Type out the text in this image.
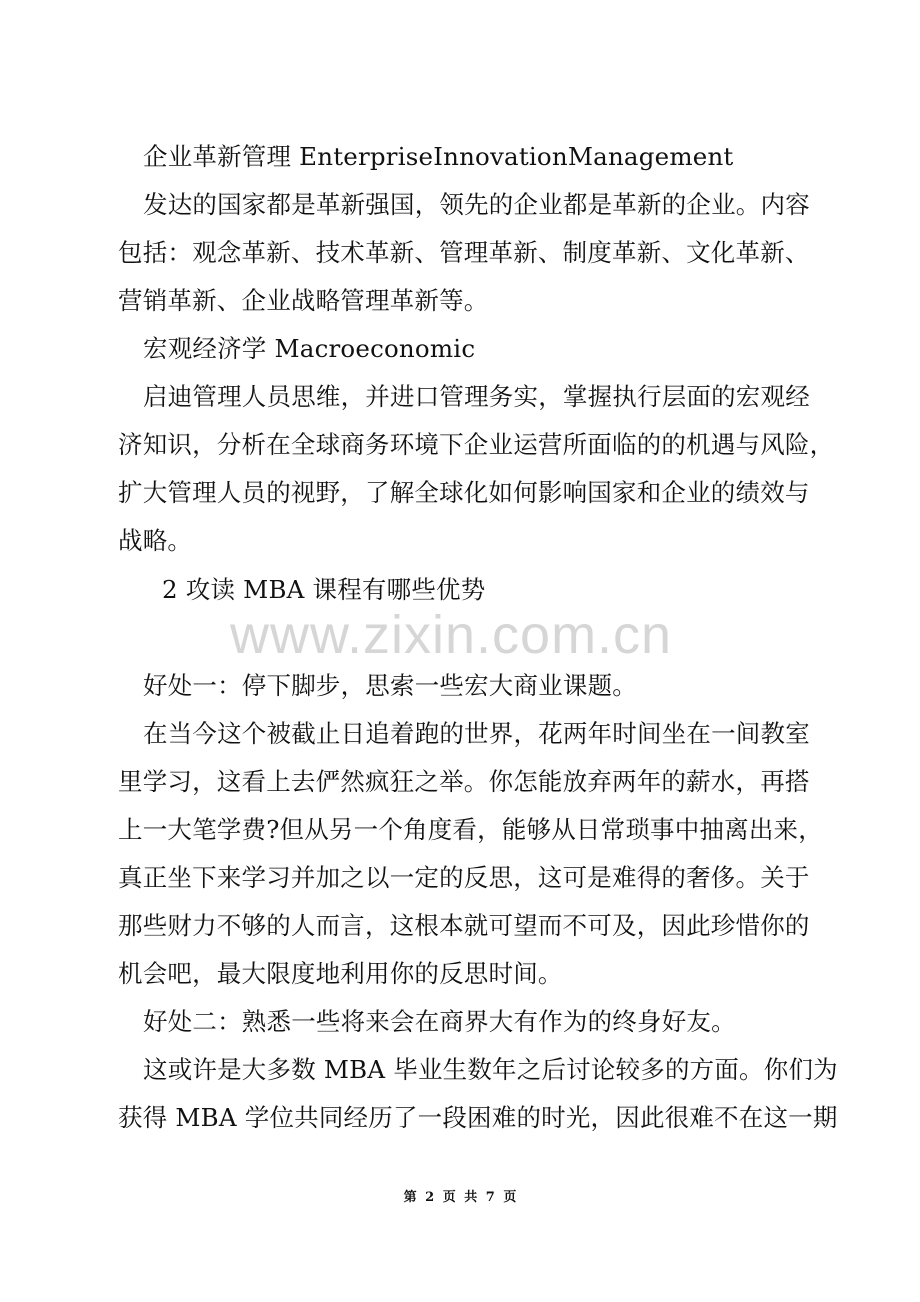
企业革新管理 EnterpriseInnovationManagement
发达的国家都是革新强国，领先的企业都是革新的企业。内容
包括：观念革新、技术革新、管理革新、制度革新、文化革新、
营销革新、企业战略管理革新等。
宏观经济学 Macroeconomic
启迪管理人员思维，并进口管理务实，掌握执行层面的宏观经
济知识，分析在全球商务环境下企业运营所面临的的机遇与风险，
扩大管理人员的视野，了解全球化如何影响国家和企业的绩效与
战略。
2 攻读 MBA 课程有哪些优势
www.zixin.com.cn
好处一：停下脚步，思索一些宏大商业课题。
在当今这个被截止日追着跑的世界，花两年时间坐在一间教室
里学习，这看上去俨然疯狂之举。你怎能放弃两年的薪水，再搭
上一大笔学费?但从另一个角度看，能够从日常琐事中抽离出来，
真正坐下来学习并加之以一定的反思，这可是难得的奢侈。关于
那些财力不够的人而言，这根本就可望而不可及，因此珍惜你的
机会吧，最大限度地利用你的反思时间。
好处二：熟悉一些将来会在商界大有作为的终身好友。
这或许是大多数 MBA 毕业生数年之后讨论较多的方面。你们为
获得 MBA 学位共同经历了一段困难的时光，因此很难不在这一期
第 2 页 共 7 页
